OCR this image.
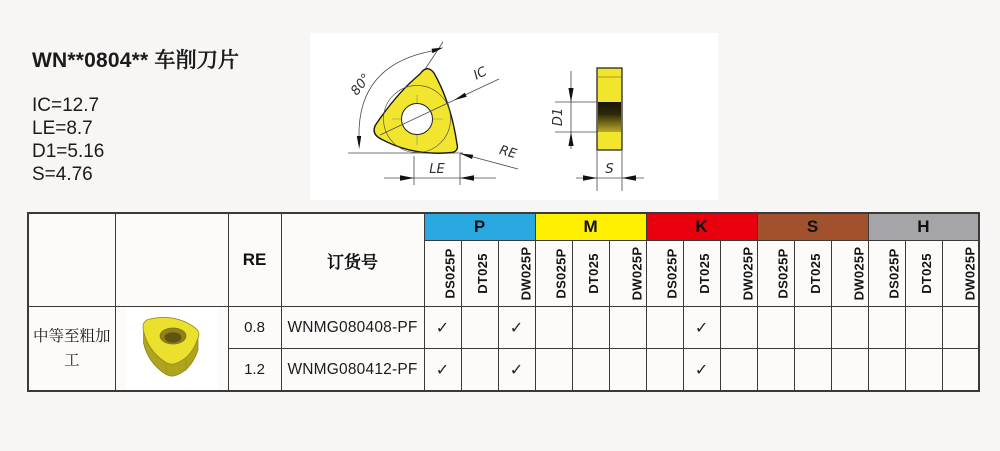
WN**0804** 车削刀片
IC=12.7
LE=8.7
D1=5.16
S=4.76
IC
80°
LE
RE
D1
S
		RE	订货号	P			M			K			S			H		
				DS025P	DT025	DW025P	DS025P	DT025	DW025P	DS025P	DT025	DW025P	DS025P	DT025	DW025P	DS025P	DT025	DW025P
中等至粗加工		0.8	WNMG080408-PF	✓		✓					✓							
		1.2	WNMG080412-PF	✓		✓					✓							
